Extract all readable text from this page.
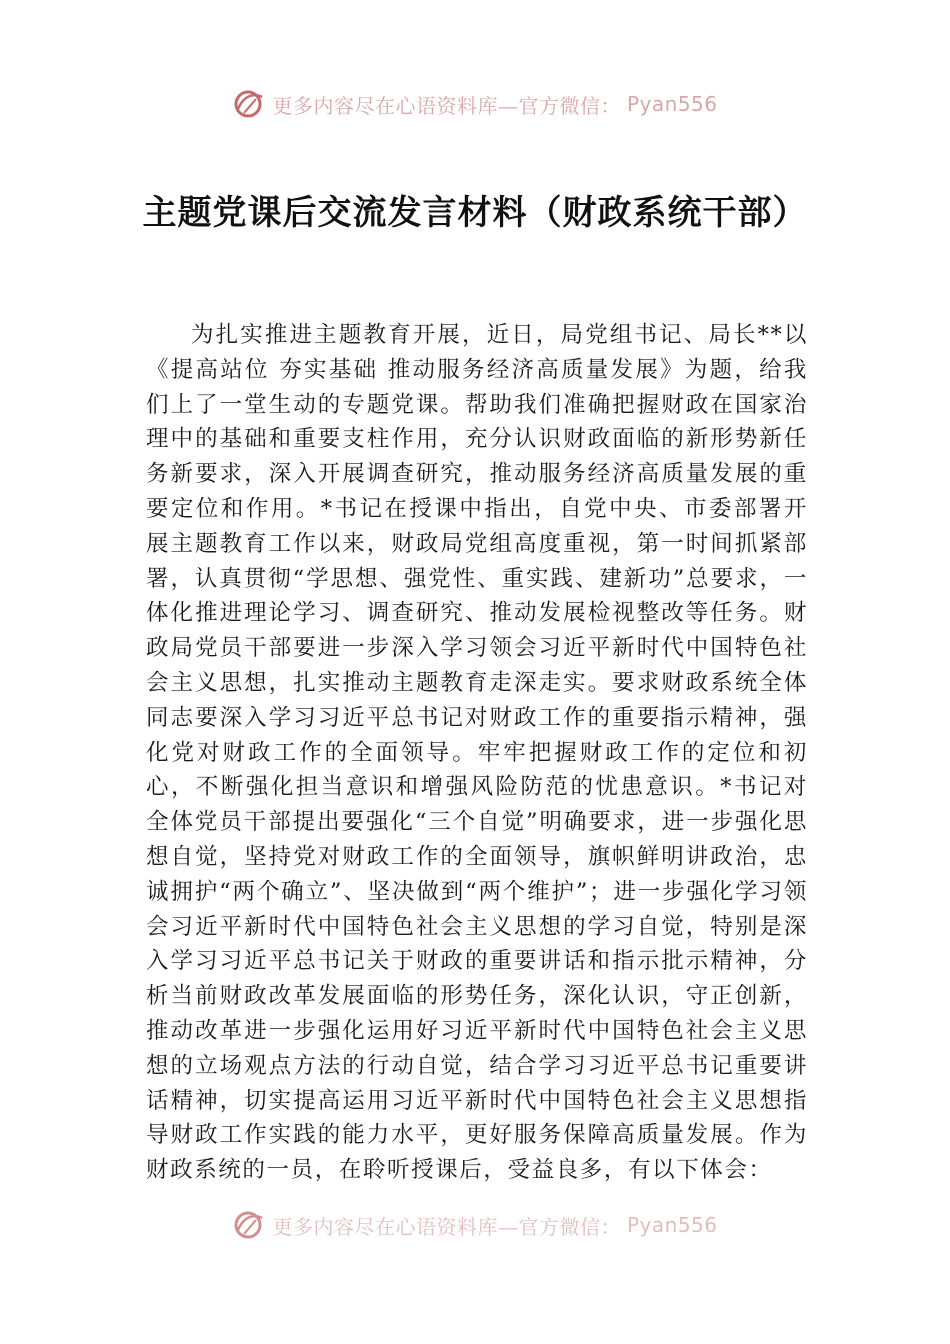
更多内容尽在心语资料库—官方微信： Pyan556
主题党课后交流发言材料（财政系统干部）

为扎实推进主题教育开展，近日，局党组书记、局长**以《提高站位 夯实基础 推动服务经济高质量发展》为题，给我们上了一堂生动的专题党课。帮助我们准确把握财政在国家治理中的基础和重要支柱作用，充分认识财政面临的新形势新任务新要求，深入开展调查研究，推动服务经济高质量发展的重要定位和作用。*书记在授课中指出，自党中央、市委部署开展主题教育工作以来，财政局党组高度重视，第一时间抓紧部署，认真贯彻“学思想、强党性、重实践、建新功”总要求，一体化推进理论学习、调查研究、推动发展检视整改等任务。财政局党员干部要进一步深入学习领会习近平新时代中国特色社会主义思想，扎实推动主题教育走深走实。要求财政系统全体同志要深入学习习近平总书记对财政工作的重要指示精神，强化党对财政工作的全面领导。牢牢把握财政工作的定位和初心，不断强化担当意识和增强风险防范的忧患意识。*书记对全体党员干部提出要强化“三个自觉”明确要求，进一步强化思想自觉，坚持党对财政工作的全面领导，旗帜鲜明讲政治，忠诚拥护“两个确立”、坚决做到“两个维护”；进一步强化学习领会习近平新时代中国特色社会主义思想的学习自觉，特别是深入学习习近平总书记关于财政的重要讲话和指示批示精神，分析当前财政改革发展面临的形势任务，深化认识，守正创新，推动改革进一步强化运用好习近平新时代中国特色社会主义思想的立场观点方法的行动自觉，结合学习习近平总书记重要讲话精神，切实提高运用习近平新时代中国特色社会主义思想指导财政工作实践的能力水平，更好服务保障高质量发展。作为财政系统的一员，在聆听授课后，受益良多，有以下体会：

更多内容尽在心语资料库—官方微信： Pyan556
